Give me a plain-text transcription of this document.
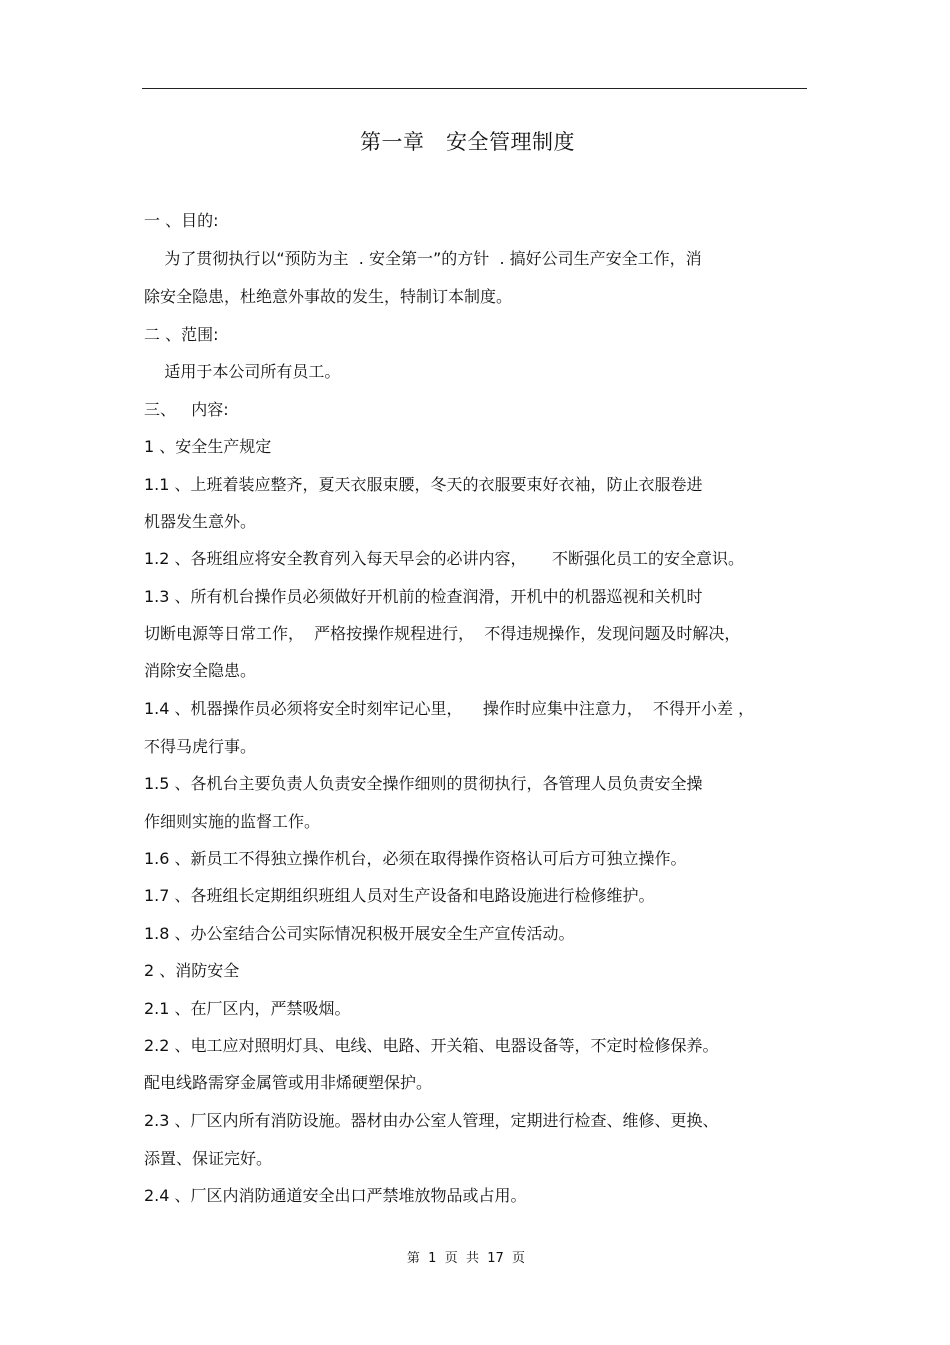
第一章　安全管理制度
一 、目的:
为了贯彻执行以“预防为主  . 安全第一”的方针  . 搞好公司生产安全工作，消
除安全隐患，杜绝意外事故的发生，特制订本制度。
二 、范围:
适用于本公司所有员工。
三、   内容:
1 、安全生产规定
1.1 、上班着装应整齐，夏天衣服束腰，冬天的衣服要束好衣袖，防止衣服卷进
机器发生意外。
1.2 、各班组应将安全教育列入每天早会的必讲内容，     不断强化员工的安全意识。
1.3 、所有机台操作员必须做好开机前的检查润滑，开机中的机器巡视和关机时
切断电源等日常工作，  严格按操作规程进行，  不得违规操作，发现问题及时解决，
消除安全隐患。
1.4 、机器操作员必须将安全时刻牢记心里，    操作时应集中注意力，  不得开小差 ，
不得马虎行事。
1.5 、各机台主要负责人负责安全操作细则的贯彻执行，各管理人员负责安全操
作细则实施的监督工作。
1.6 、新员工不得独立操作机台，必须在取得操作资格认可后方可独立操作。
1.7 、各班组长定期组织班组人员对生产设备和电路设施进行检修维护。
1.8 、办公室结合公司实际情况积极开展安全生产宣传活动。
2 、消防安全
2.1 、在厂区内，严禁吸烟。
2.2 、电工应对照明灯具、电线、电路、开关箱、电器设备等，不定时检修保养。
配电线路需穿金属管或用非烯硬塑保护。
2.3 、厂区内所有消防设施。器材由办公室人管理，定期进行检查、维修、更换、
添置、保证完好。
2.4 、厂区内消防通道安全出口严禁堆放物品或占用。
第  1  页  共  17  页
